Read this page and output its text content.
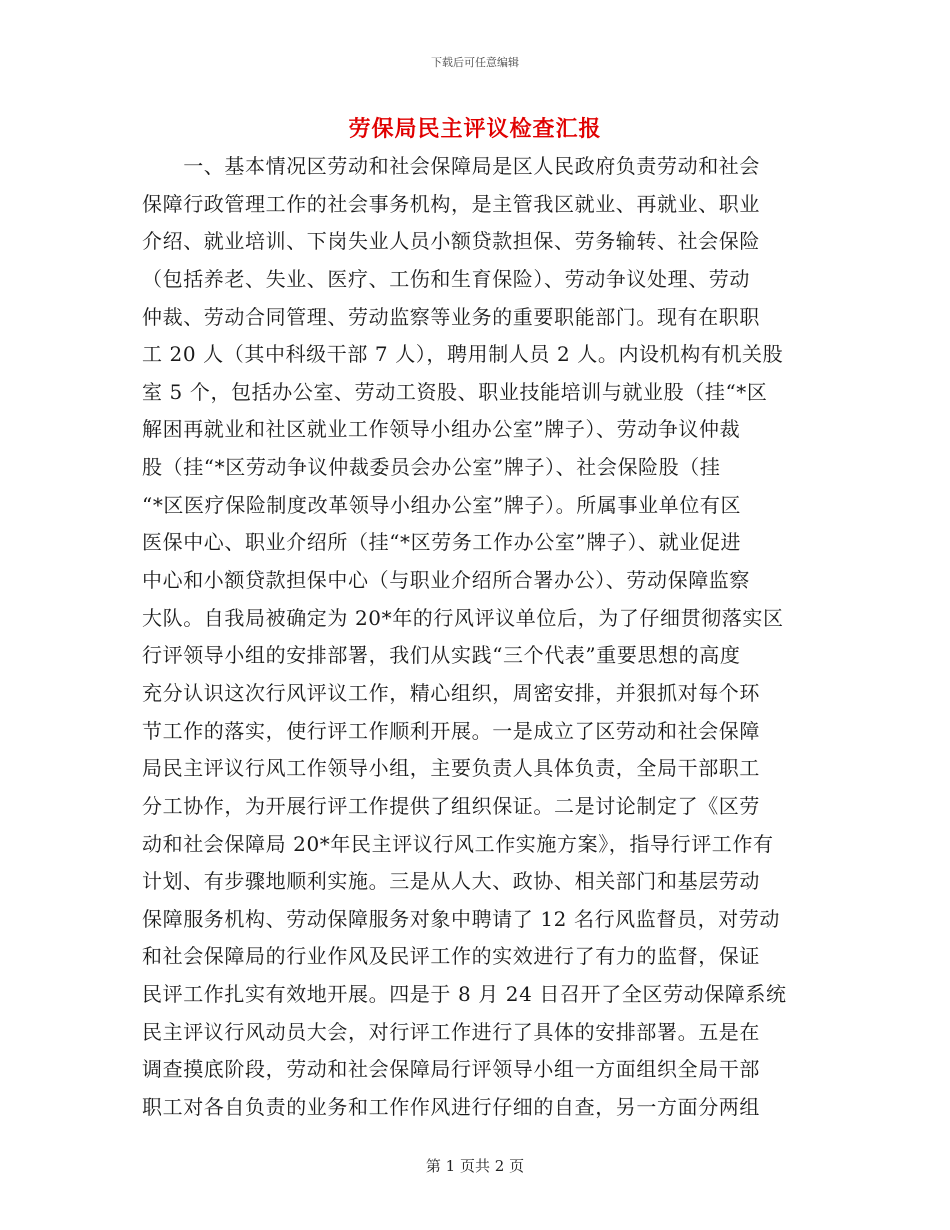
下载后可任意编辑
劳保局民主评议检查汇报
　　一、基本情况区劳动和社会保障局是区人民政府负责劳动和社会
保障行政管理工作的社会事务机构，是主管我区就业、再就业、职业
介绍、就业培训、下岗失业人员小额贷款担保、劳务输转、社会保险
（包括养老、失业、医疗、工伤和生育保险）、劳动争议处理、劳动
仲裁、劳动合同管理、劳动监察等业务的重要职能部门。现有在职职
工 20 人（其中科级干部 7 人），聘用制人员 2 人。内设机构有机关股
室 5 个，包括办公室、劳动工资股、职业技能培训与就业股（挂“*区
解困再就业和社区就业工作领导小组办公室”牌子）、劳动争议仲裁
股（挂“*区劳动争议仲裁委员会办公室”牌子）、社会保险股（挂
“*区医疗保险制度改革领导小组办公室”牌子）。所属事业单位有区
医保中心、职业介绍所（挂“*区劳务工作办公室”牌子）、就业促进
中心和小额贷款担保中心（与职业介绍所合署办公）、劳动保障监察
大队。自我局被确定为 20*年的行风评议单位后，为了仔细贯彻落实区
行评领导小组的安排部署，我们从实践“三个代表”重要思想的高度
充分认识这次行风评议工作，精心组织，周密安排，并狠抓对每个环
节工作的落实，使行评工作顺利开展。一是成立了区劳动和社会保障
局民主评议行风工作领导小组，主要负责人具体负责，全局干部职工
分工协作，为开展行评工作提供了组织保证。二是讨论制定了《区劳
动和社会保障局 20*年民主评议行风工作实施方案》，指导行评工作有
计划、有步骤地顺利实施。三是从人大、政协、相关部门和基层劳动
保障服务机构、劳动保障服务对象中聘请了 12 名行风监督员，对劳动
和社会保障局的行业作风及民评工作的实效进行了有力的监督，保证
民评工作扎实有效地开展。四是于 8 月 24 日召开了全区劳动保障系统
民主评议行风动员大会，对行评工作进行了具体的安排部署。五是在
调查摸底阶段，劳动和社会保障局行评领导小组一方面组织全局干部
职工对各自负责的业务和工作作风进行仔细的自查，另一方面分两组
第 1 页共 2 页
